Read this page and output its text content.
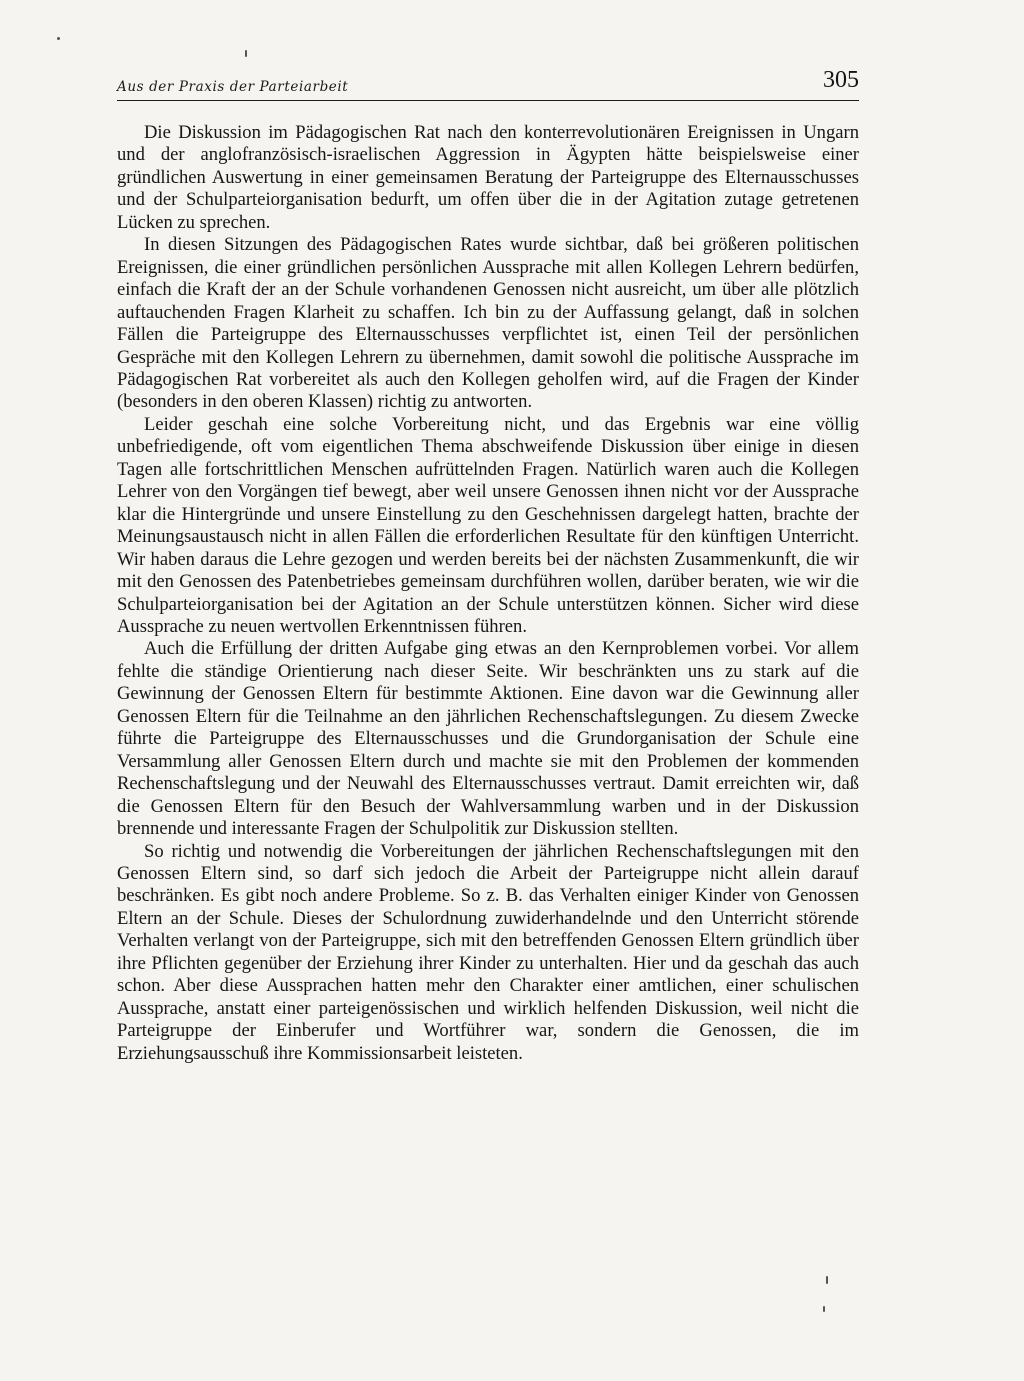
Aus der Praxis der Parteiarbeit	305

Die Diskussion im Pädagogischen Rat nach den konterrevolutionären Ereignissen in Ungarn und der anglofranzösisch-israelischen Aggression in Ägypten hätte beispielsweise einer gründlichen Auswertung in einer gemeinsamen Beratung der Parteigruppe des Elternausschusses und der Schulparteiorganisation bedurft, um offen über die in der Agitation zutage getretenen Lücken zu sprechen.

In diesen Sitzungen des Pädagogischen Rates wurde sichtbar, daß bei größeren politischen Ereignissen, die einer gründlichen persönlichen Aussprache mit allen Kollegen Lehrern bedürfen, einfach die Kraft der an der Schule vorhandenen Genossen nicht ausreicht, um über alle plötzlich auftauchenden Fragen Klarheit zu schaffen. Ich bin zu der Auffassung gelangt, daß in solchen Fällen die Parteigruppe des Elternausschusses verpflichtet ist, einen Teil der persönlichen Gespräche mit den Kollegen Lehrern zu übernehmen, damit sowohl die politische Aussprache im Pädagogischen Rat vorbereitet als auch den Kollegen geholfen wird, auf die Fragen der Kinder (besonders in den oberen Klassen) richtig zu antworten.

Leider geschah eine solche Vorbereitung nicht, und das Ergebnis war eine völlig unbefriedigende, oft vom eigentlichen Thema abschweifende Diskussion über einige in diesen Tagen alle fortschrittlichen Menschen aufrüttelnden Fragen. Natürlich waren auch die Kollegen Lehrer von den Vorgängen tief bewegt, aber weil unsere Genossen ihnen nicht vor der Aussprache klar die Hintergründe und unsere Einstellung zu den Geschehnissen dargelegt hatten, brachte der Meinungsaustausch nicht in allen Fällen die erforderlichen Resultate für den künftigen Unterricht. Wir haben daraus die Lehre gezogen und werden bereits bei der nächsten Zusammenkunft, die wir mit den Genossen des Patenbetriebes gemeinsam durchführen wollen, darüber beraten, wie wir die Schulparteiorganisation bei der Agitation an der Schule unterstützen können. Sicher wird diese Aussprache zu neuen wertvollen Erkenntnissen führen.

Auch die Erfüllung der dritten Aufgabe ging etwas an den Kernproblemen vorbei. Vor allem fehlte die ständige Orientierung nach dieser Seite. Wir beschränkten uns zu stark auf die Gewinnung der Genossen Eltern für bestimmte Aktionen. Eine davon war die Gewinnung aller Genossen Eltern für die Teilnahme an den jährlichen Rechenschaftslegungen. Zu diesem Zwecke führte die Parteigruppe des Elternausschusses und die Grundorganisation der Schule eine Versammlung aller Genossen Eltern durch und machte sie mit den Problemen der kommenden Rechenschaftslegung und der Neuwahl des Elternausschusses vertraut. Damit erreichten wir, daß die Genossen Eltern für den Besuch der Wahlversammlung warben und in der Diskussion brennende und interessante Fragen der Schulpolitik zur Diskussion stellten.

So richtig und notwendig die Vorbereitungen der jährlichen Rechenschaftslegungen mit den Genossen Eltern sind, so darf sich jedoch die Arbeit der Parteigruppe nicht allein darauf beschränken. Es gibt noch andere Probleme. So z. B. das Verhalten einiger Kinder von Genossen Eltern an der Schule. Dieses der Schulordnung zuwiderhandelnde und den Unterricht störende Verhalten verlangt von der Parteigruppe, sich mit den betreffenden Genossen Eltern gründlich über ihre Pflichten gegenüber der Erziehung ihrer Kinder zu unterhalten. Hier und da geschah das auch schon. Aber diese Aussprachen hatten mehr den Charakter einer amtlichen, einer schulischen Aussprache, anstatt einer parteigenössischen und wirklich helfenden Diskussion, weil nicht die Parteigruppe der Einberufer und Wortführer war, sondern die Genossen, die im Erziehungsausschuß ihre Kommissionsarbeit leisteten.
